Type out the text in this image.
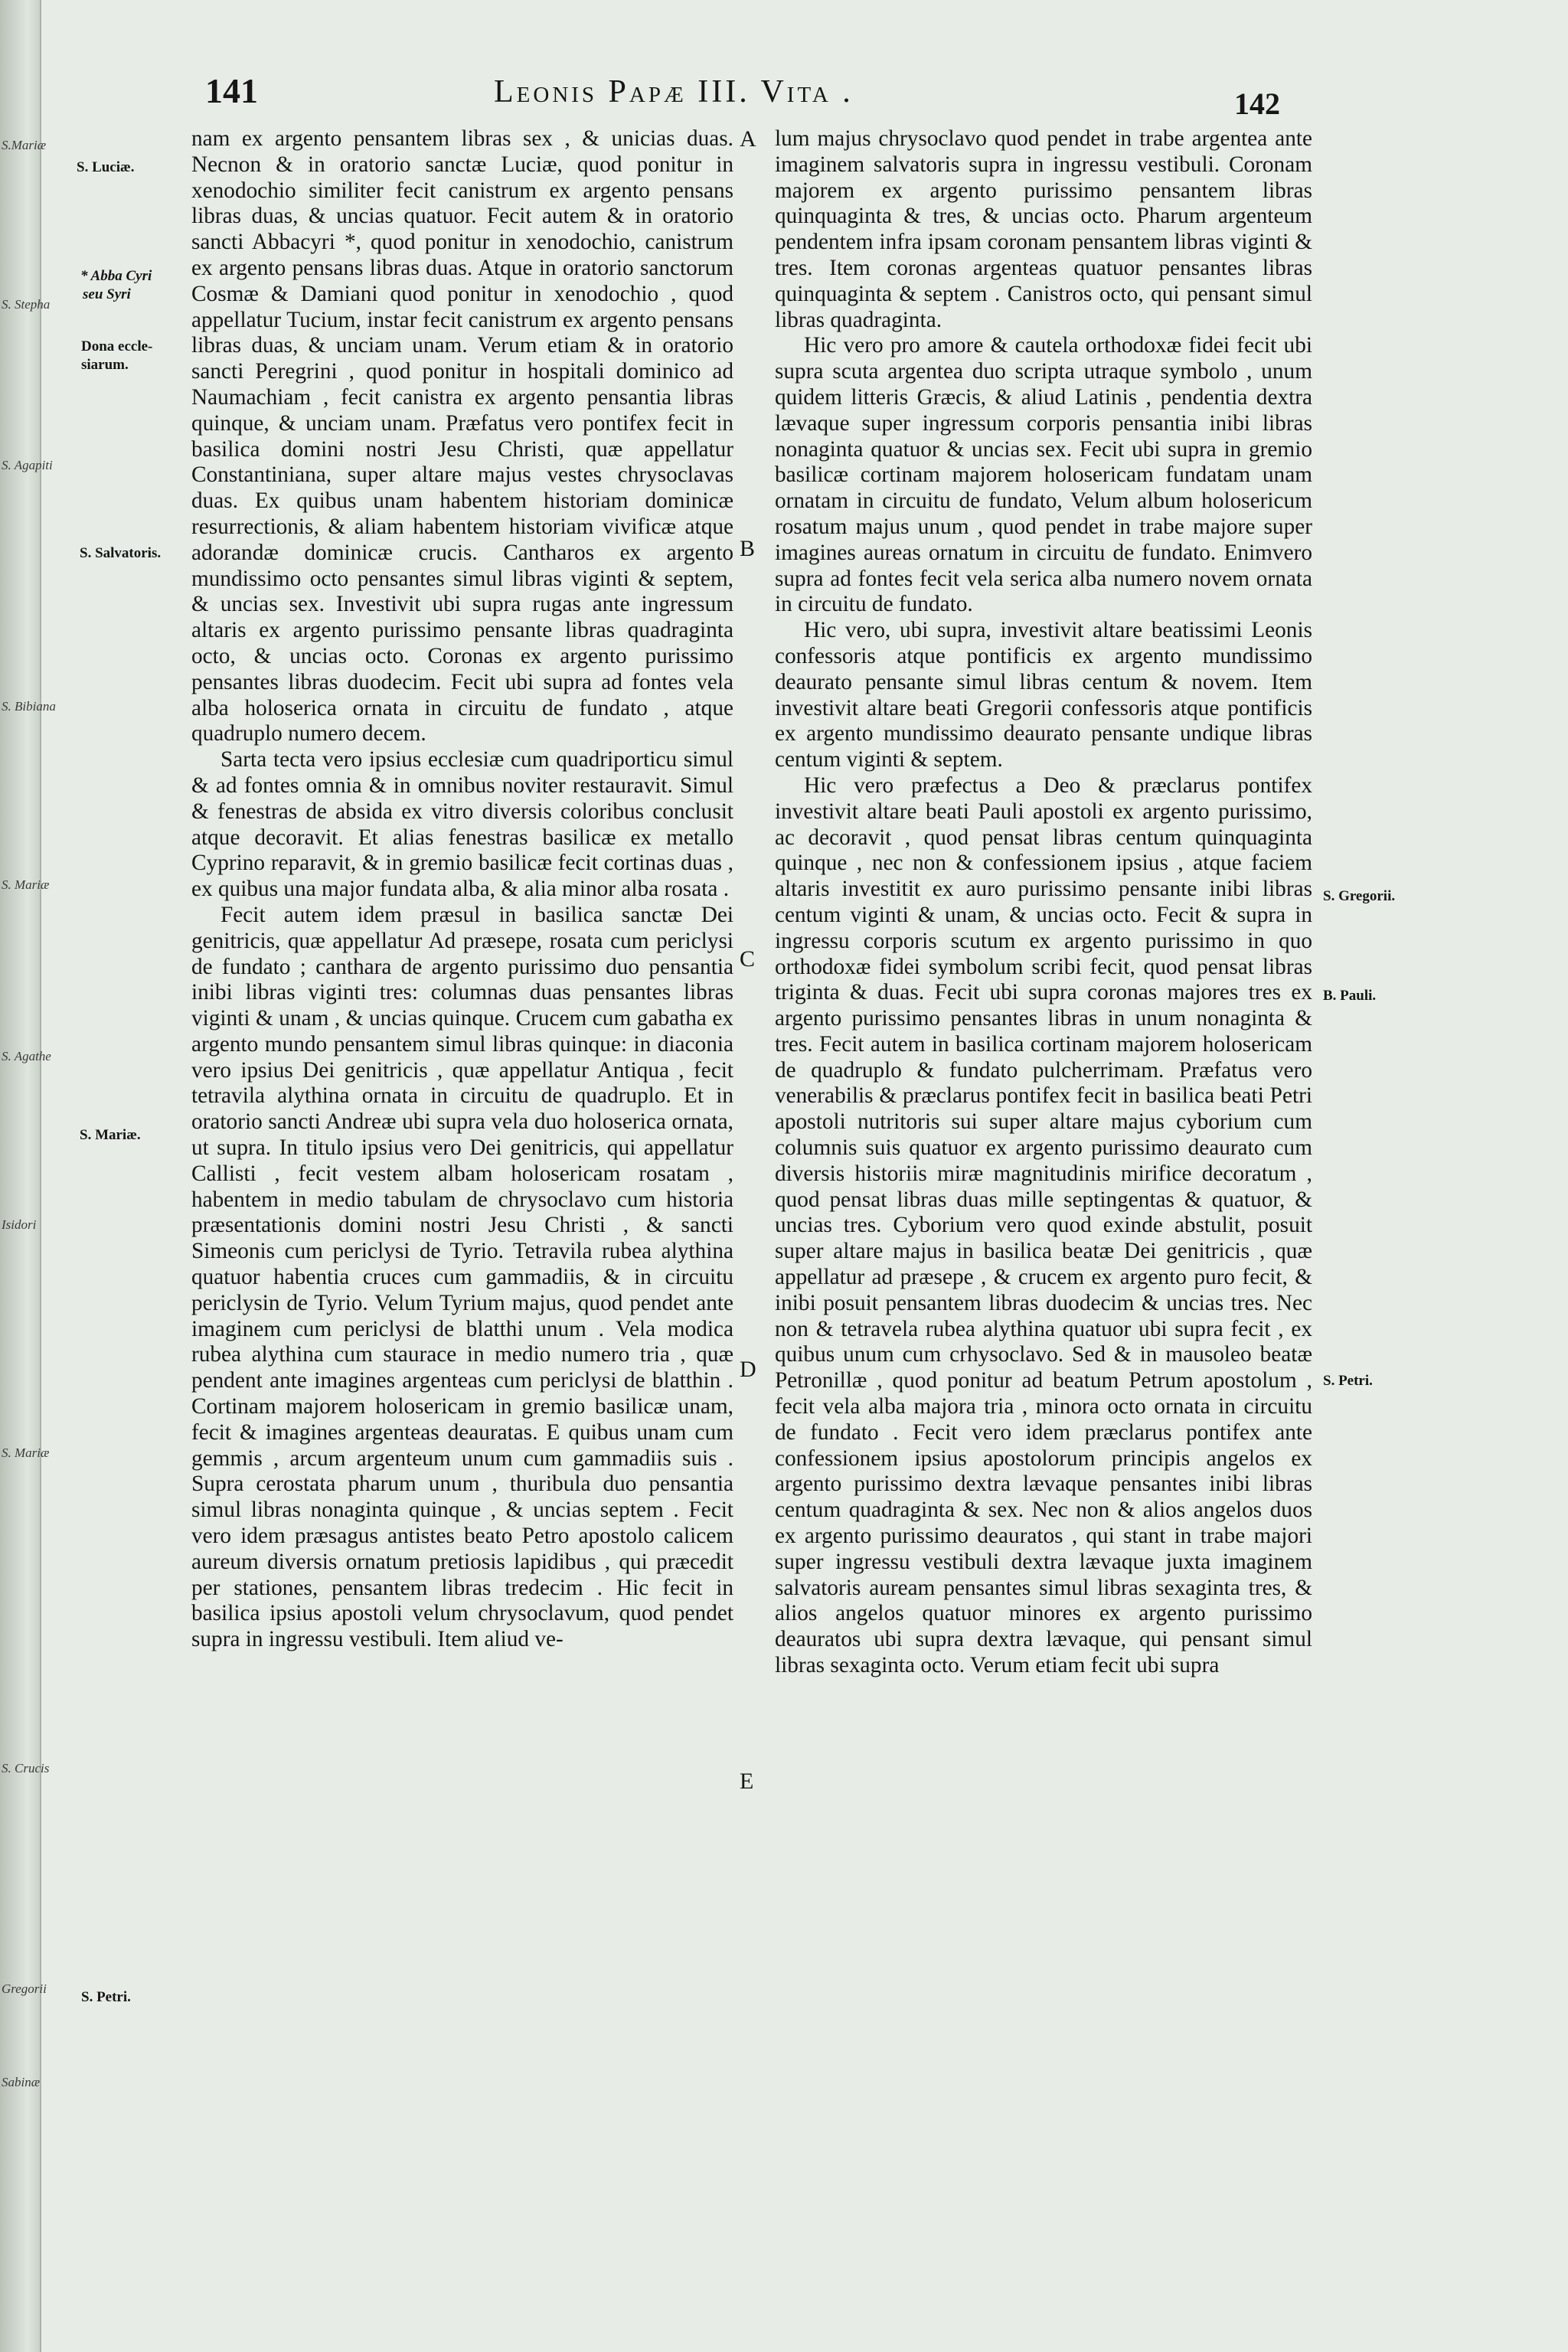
S.Mariæ
S. Stepha
S. Agapiti
S. Bibiana
S. Mariæ
S. Agathe
Isidori
S. Mariæ
S. Crucis
Gregorii
Sabinæ
141	Leonis Papæ III. Vita .	142
S. Luciæ.
* Abba Cyri
seu Syri
Dona eccle-
siarum.
S. Salvatoris.
S. Mariæ.
S. Petri.
S. Gregorii.
B. Pauli.
S. Petri.
A
B
C
D
E

nam ex argento pensantem libras sex , & unicias duas. Necnon & in oratorio sanctæ Luciæ, quod ponitur in xenodochio similiter fecit canistrum ex argento pensans libras duas, & uncias quatuor. Fecit autem & in oratorio sancti Abbacyri *, quod ponitur in xenodochio, canistrum ex argento pensans libras duas. Atque in oratorio sanctorum Cosmæ & Damiani quod ponitur in xenodochio , quod appellatur Tucium, instar fecit canistrum ex argento pensans libras duas, & unciam unam. Verum etiam & in oratorio sancti Peregrini , quod ponitur in hospitali dominico ad Naumachiam , fecit canistra ex argento pensantia libras quinque, & unciam unam. Præfatus vero pontifex fecit in basilica domini nostri Jesu Christi, quæ appellatur Constantiniana, super altare majus vestes chrysoclavas duas. Ex quibus unam habentem historiam dominicæ resurrectionis, & aliam habentem historiam vivificæ atque adorandæ dominicæ crucis. Cantharos ex argento mundissimo octo pensantes simul libras viginti & septem, & uncias sex. Investivit ubi supra rugas ante ingressum altaris ex argento purissimo pensante libras quadraginta octo, & uncias octo. Coronas ex argento purissimo pensantes libras duodecim. Fecit ubi supra ad fontes vela alba holoserica ornata in circuitu de fundato , atque quadruplo numero decem.

Sarta tecta vero ipsius ecclesiæ cum quadriporticu simul & ad fontes omnia & in omnibus noviter restauravit. Simul & fenestras de absida ex vitro diversis coloribus conclusit atque decoravit. Et alias fenestras basilicæ ex metallo Cyprino reparavit, & in gremio basilicæ fecit cortinas duas , ex quibus una major fundata alba, & alia minor alba rosata .

Fecit autem idem præsul in basilica sanctæ Dei genitricis, quæ appellatur Ad præsepe, rosata cum periclysi de fundato ; canthara de argento purissimo duo pensantia inibi libras viginti tres: columnas duas pensantes libras viginti & unam , & uncias quinque. Crucem cum gabatha ex argento mundo pensantem simul libras quinque: in diaconia vero ipsius Dei genitricis , quæ appellatur Antiqua , fecit tetravila alythina ornata in circuitu de quadruplo. Et in oratorio sancti Andreæ ubi supra vela duo holoserica ornata, ut supra. In titulo ipsius vero Dei genitricis, qui appellatur Callisti , fecit vestem albam holosericam rosatam , habentem in medio tabulam de chrysoclavo cum historia præsentationis domini nostri Jesu Christi , & sancti Simeonis cum periclysi de Tyrio. Tetravila rubea alythina quatuor habentia cruces cum gammadiis, & in circuitu periclysin de Tyrio. Velum Tyrium majus, quod pendet ante imaginem cum periclysi de blatthi unum . Vela modica rubea alythina cum staurace in medio numero tria , quæ pendent ante imagines argenteas cum periclysi de blatthin . Cortinam majorem holosericam in gremio basilicæ unam, fecit & imagines argenteas deauratas. E quibus unam cum gemmis , arcum argenteum unum cum gammadiis suis . Supra cerostata pharum unum , thuribula duo pensantia simul libras nonaginta quinque , & uncias septem . Fecit vero idem præsagus antistes beato Petro apostolo calicem aureum diversis ornatum pretiosis lapidibus , qui præcedit per stationes, pensantem libras tredecim . Hic fecit in basilica ipsius apostoli velum chrysoclavum, quod pendet supra in ingressu vestibuli. Item aliud ve-

lum majus chrysoclavo quod pendet in trabe argentea ante imaginem salvatoris supra in ingressu vestibuli. Coronam majorem ex argento purissimo pensantem libras quinquaginta & tres, & uncias octo. Pharum argenteum pendentem infra ipsam coronam pensantem libras viginti & tres. Item coronas argenteas quatuor pensantes libras quinquaginta & septem . Canistros octo, qui pensant simul libras quadraginta.

Hic vero pro amore & cautela orthodoxæ fidei fecit ubi supra scuta argentea duo scripta utraque symbolo , unum quidem litteris Græcis, & aliud Latinis , pendentia dextra lævaque super ingressum corporis pensantia inibi libras nonaginta quatuor & uncias sex. Fecit ubi supra in gremio basilicæ cortinam majorem holosericam fundatam unam ornatam in circuitu de fundato, Velum album holosericum rosatum majus unum , quod pendet in trabe majore super imagines aureas ornatum in circuitu de fundato. Enimvero supra ad fontes fecit vela serica alba numero novem ornata in circuitu de fundato.

Hic vero, ubi supra, investivit altare beatissimi Leonis confessoris atque pontificis ex argento mundissimo deaurato pensante simul libras centum & novem. Item investivit altare beati Gregorii confessoris atque pontificis ex argento mundissimo deaurato pensante undique libras centum viginti & septem.

Hic vero præfectus a Deo & præclarus pontifex investivit altare beati Pauli apostoli ex argento purissimo, ac decoravit , quod pensat libras centum quinquaginta quinque , nec non & confessionem ipsius , atque faciem altaris investitit ex auro purissimo pensante inibi libras centum viginti & unam, & uncias octo. Fecit & supra in ingressu corporis scutum ex argento purissimo in quo orthodoxæ fidei symbolum scribi fecit, quod pensat libras triginta & duas. Fecit ubi supra coronas majores tres ex argento purissimo pensantes libras in unum nonaginta & tres. Fecit autem in basilica cortinam majorem holosericam de quadruplo & fundato pulcherrimam. Præfatus vero venerabilis & præclarus pontifex fecit in basilica beati Petri apostoli nutritoris sui super altare majus cyborium cum columnis suis quatuor ex argento purissimo deaurato cum diversis historiis miræ magnitudinis mirifice decoratum , quod pensat libras duas mille septingentas & quatuor, & uncias tres. Cyborium vero quod exinde abstulit, posuit super altare majus in basilica beatæ Dei genitricis , quæ appellatur ad præsepe , & crucem ex argento puro fecit, & inibi posuit pensantem libras duodecim & uncias tres. Nec non & tetravela rubea alythina quatuor ubi supra fecit , ex quibus unum cum crhysoclavo. Sed & in mausoleo beatæ Petronillæ , quod ponitur ad beatum Petrum apostolum , fecit vela alba majora tria , minora octo ornata in circuitu de fundato . Fecit vero idem præclarus pontifex ante confessionem ipsius apostolorum principis angelos ex argento purissimo dextra lævaque pensantes inibi libras centum quadraginta & sex. Nec non & alios angelos duos ex argento purissimo deauratos , qui stant in trabe majori super ingressu vestibuli dextra lævaque juxta imaginem salvatoris auream pensantes simul libras sexaginta tres, & alios angelos quatuor minores ex argento purissimo deauratos ubi supra dextra lævaque, qui pensant simul libras sexaginta octo. Verum etiam fecit ubi supra
